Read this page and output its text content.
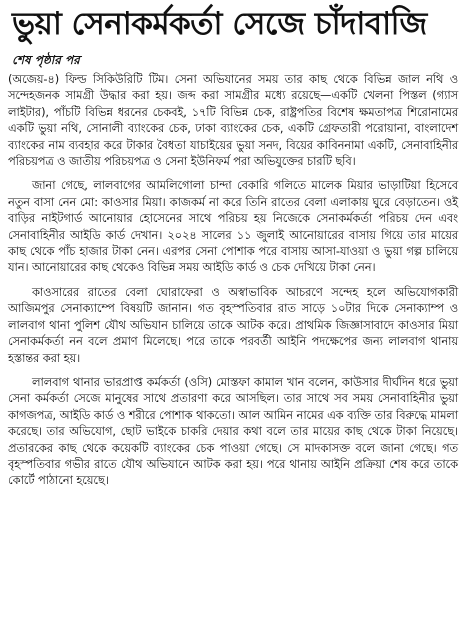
ভুয়া সেনাকর্মকর্তা সেজে চাঁদাবাজি
শেষ পৃষ্ঠার পর

(অজেয়-৪) ফিল্ড সিকিউরিটি টিম। সেনা অভিযানের সময় তার কাছ থেকে বিভিন্ন জাল নথি ও সন্দেহজনক সামগ্রী উদ্ধার করা হয়। জব্দ করা সামগ্রীর মধ্যে রয়েছে—একটি খেলনা পিস্তল (গ্যাস লাইটার), পাঁচটি বিভিন্ন ধরনের চেকবই, ১৭টি বিভিন্ন চেক, রাষ্ট্রপতির বিশেষ ক্ষমতাপত্র শিরোনামের একটি ভুয়া নথি, সোনালী ব্যাংকের চেক, ঢাকা ব্যাংকের চেক, একটি গ্রেফতারী পরোয়ানা, বাংলাদেশ ব্যাংকের নাম ব্যবহার করে টাকার বৈধতা যাচাইয়ের ভুয়া সনদ, বিয়ের কাবিননামা একটি, সেনাবাহিনীর পরিচয়পত্র ও জাতীয় পরিচয়পত্র ও সেনা ইউনিফর্ম পরা অভিযুক্তের চারটি ছবি।

জানা গেছে, লালবাগের আমলিগোলা চান্দা বেকারি গলিতে মালেক মিয়ার ভাড়াটিয়া হিসেবে নতুন বাসা নেন মো: কাওসার মিয়া। কাজকর্ম না করে তিনি রাতের বেলা এলাকায় ঘুরে বেড়াতেন। ওই বাড়ির নাইটগার্ড আনোয়ার হোসেনের সাথে পরিচয় হয় নিজেকে সেনাকর্মকর্তা পরিচয় দেন এবং সেনাবাহিনীর আইডি কার্ড দেখান। ২০২৪ সালের ১১ জুলাই আনোয়ারের বাসায় গিয়ে তার মায়ের কাছ থেকে পাঁচ হাজার টাকা নেন। এরপর সেনা পোশাক পরে বাসায় আসা-যাওয়া ও ভুয়া গল্প চালিয়ে যান। আনোয়ারের কাছ থেকেও বিভিন্ন সময় আইডি কার্ড ও চেক দেখিয়ে টাকা নেন।

কাওসারের রাতের বেলা ঘোরাফেরা ও অস্বাভাবিক আচরণে সন্দেহ হলে অভিযোগকারী আজিমপুর সেনাক্যাম্পে বিষয়টি জানান। গত বৃহস্পতিবার রাত সাড়ে ১০টার দিকে সেনাক্যাম্প ও লালবাগ থানা পুলিশ যৌথ অভিযান চালিয়ে তাকে আটক করে। প্রাথমিক জিজ্ঞাসাবাদে কাওসার মিয়া সেনাকর্মকর্তা নন বলে প্রমাণ মিলেছে। পরে তাকে পরবর্তী আইনি পদক্ষেপের জন্য লালবাগ থানায় হস্তান্তর করা হয়।

লালবাগ থানার ভারপ্রাপ্ত কর্মকর্তা (ওসি) মোস্তফা কামাল খান বলেন, কাউসার দীর্ঘদিন ধরে ভুয়া সেনা কর্মকর্তা সেজে মানুষের সাথে প্রতারণা করে আসছিল। তার সাথে সব সময় সেনাবাহিনীর ভুয়া কাগজপত্র, আইডি কার্ড ও শরীরে পোশাক থাকতো। আল আমিন নামের এক ব্যক্তি তার বিরুদ্ধে মামলা করেছে। তার অভিযোগ, ছোট ভাইকে চাকরি দেয়ার কথা বলে তার মায়ের কাছ থেকে টাকা নিয়েছে। প্রতারকের কাছ থেকে কয়েকটি ব্যাংকের চেক পাওয়া গেছে। সে মাদকাসক্ত বলে জানা গেছে। গত বৃহস্পতিবার গভীর রাতে যৌথ অভিযানে আটক করা হয়। পরে থানায় আইনি প্রক্রিয়া শেষ করে তাকে কোর্টে পাঠানো হয়েছে।
